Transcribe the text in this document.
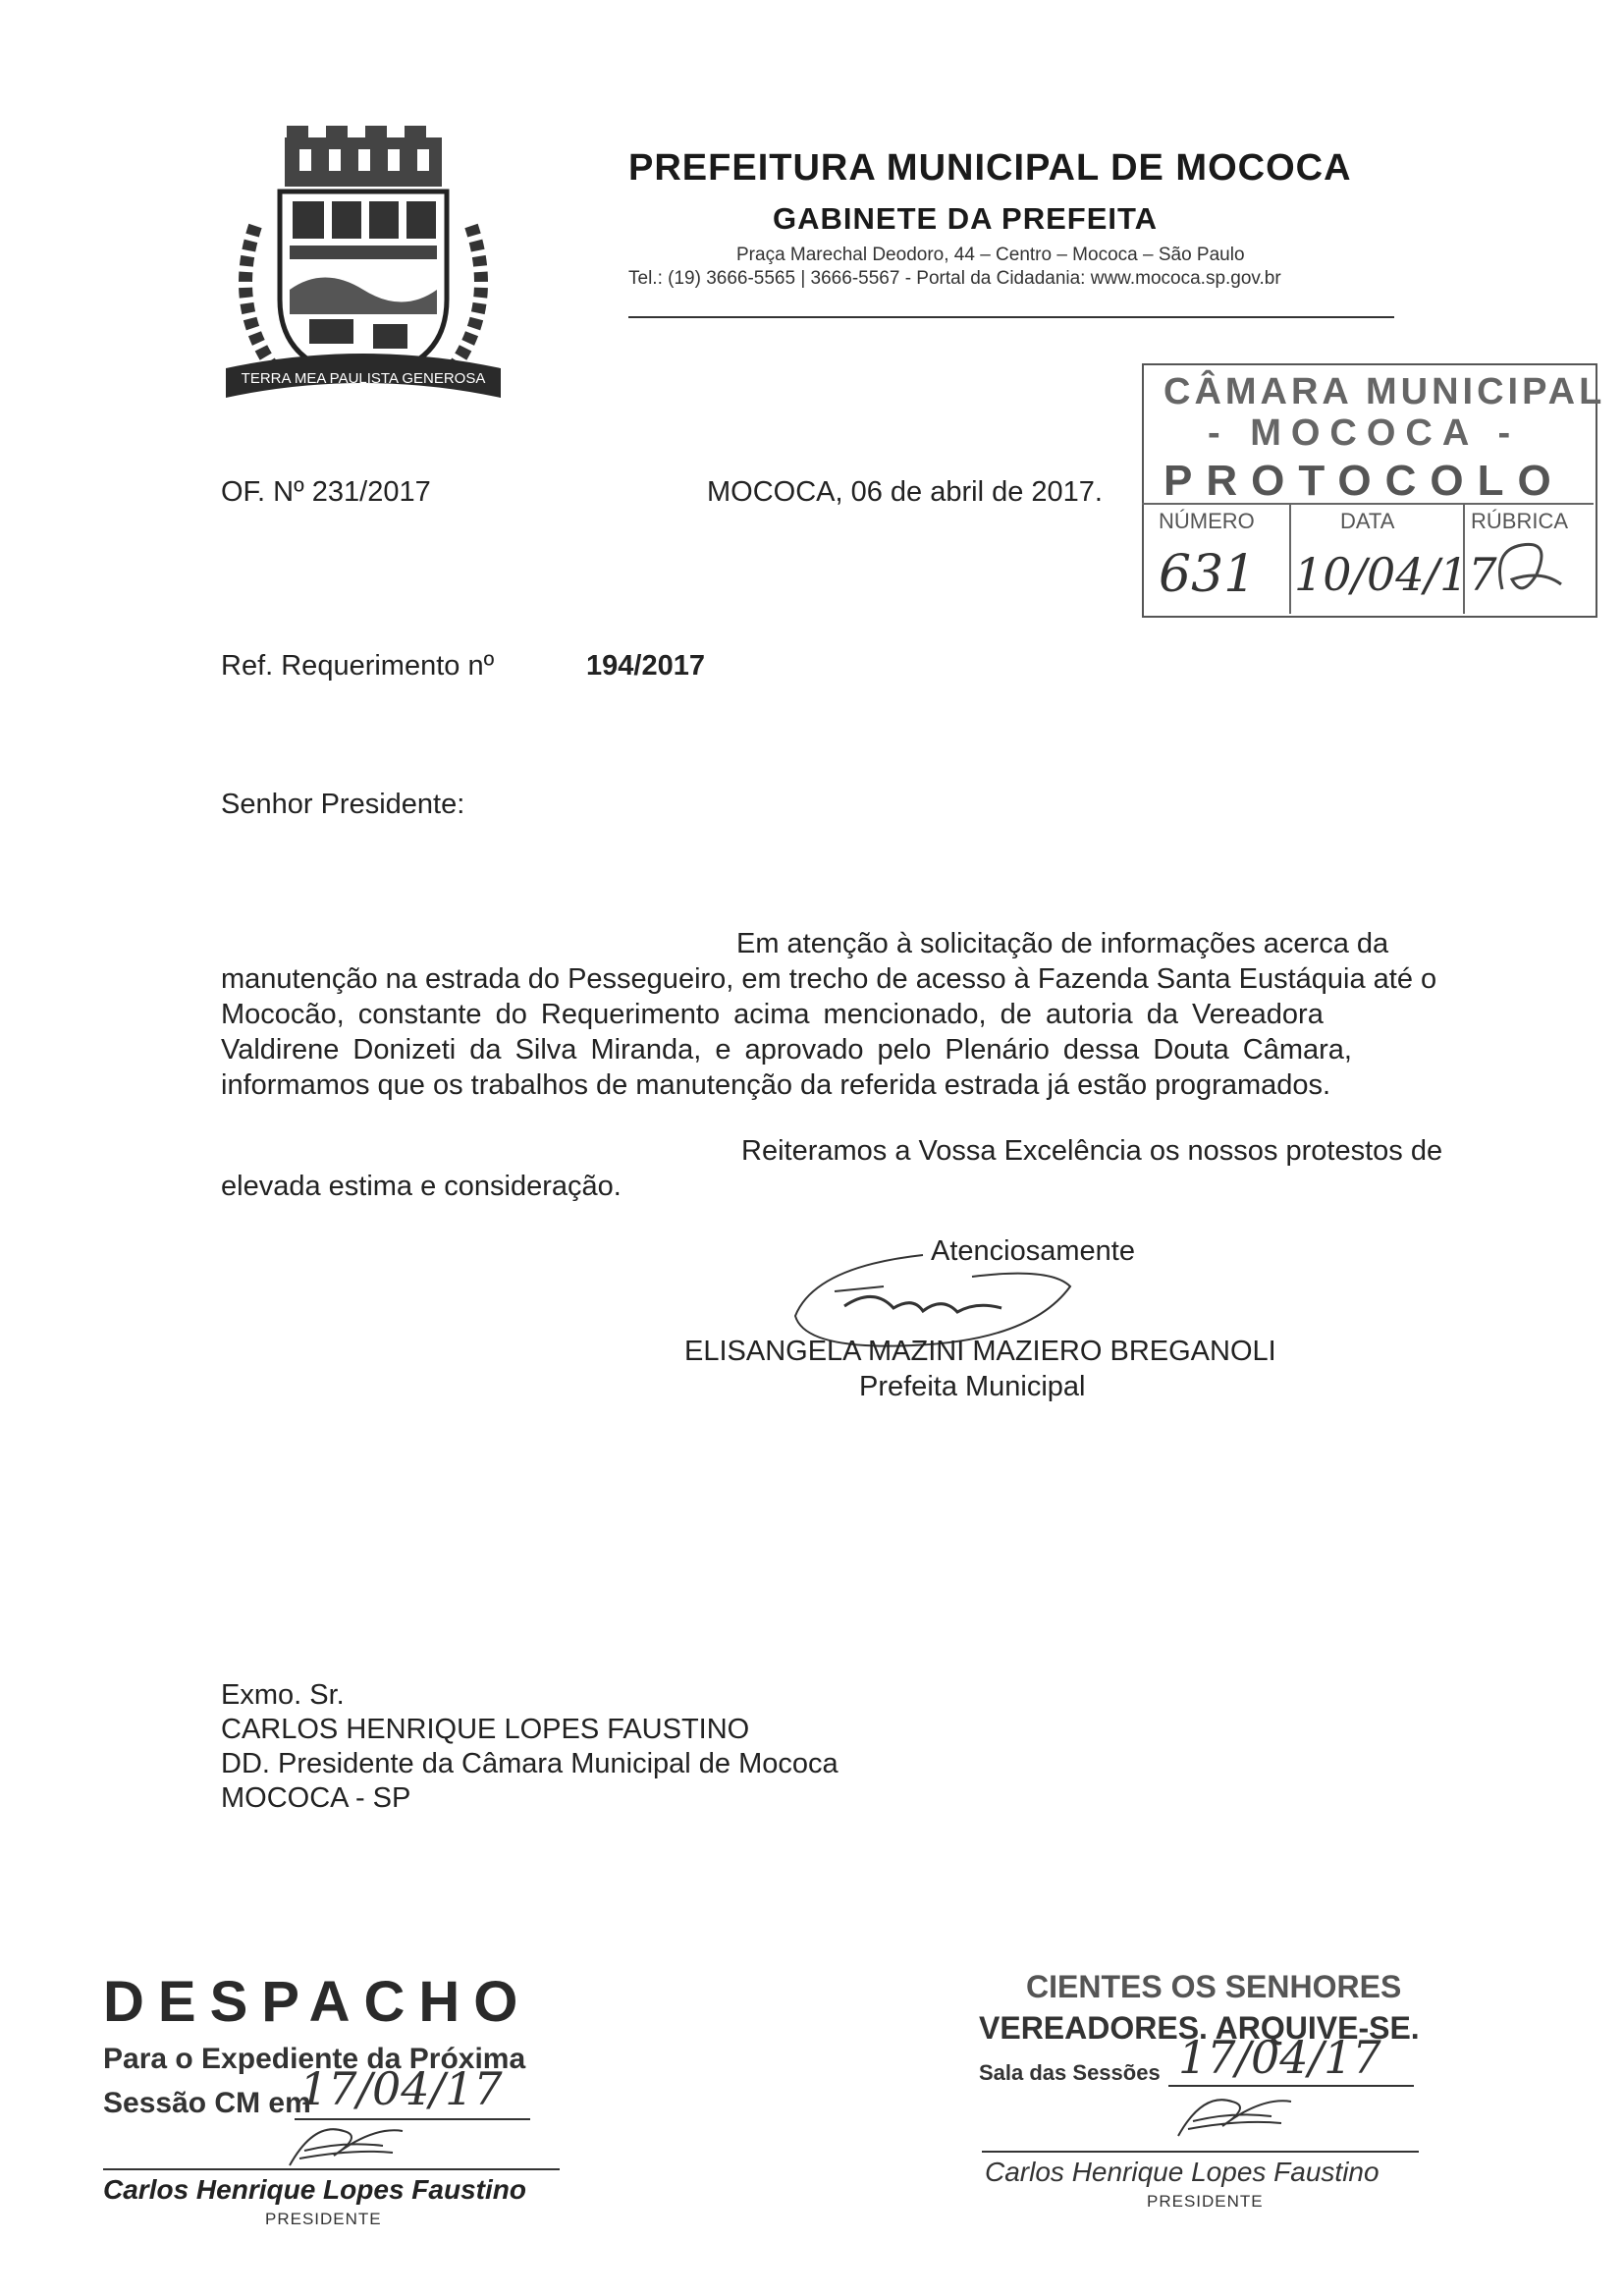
TERRA MEA PAULISTA GENEROSA
PREFEITURA MUNICIPAL DE MOCOCA
GABINETE DA PREFEITA
Praça Marechal Deodoro, 44 – Centro – Mococa – São Paulo
Tel.: (19) 3666-5565 | 3666-5567 - Portal da Cidadania: www.mococa.sp.gov.br
CÂMARA MUNICIPAL
- MOCOCA -
PROTOCOLO
NÚMERO	DATA	RÚBRICA
631 10/04/17
OF. Nº 231/2017	MOCOCA, 06 de abril de 2017.
Ref. Requerimento nº	194/2017
Senhor Presidente:
Em atenção à solicitação de informações acerca da
manutenção na estrada do Pessegueiro, em trecho de acesso à Fazenda Santa Eustáquia até o
Mococão, constante do Requerimento acima mencionado, de autoria da Vereadora
Valdirene Donizeti da Silva Miranda, e aprovado pelo Plenário dessa Douta Câmara,
informamos que os trabalhos de manutenção da referida estrada já estão programados.
Reiteramos a Vossa Excelência os nossos protestos de
elevada estima e consideração.
Atenciosamente
ELISANGELA MAZINI MAZIERO BREGANOLI
Prefeita Municipal
Exmo. Sr.
CARLOS HENRIQUE LOPES FAUSTINO
DD. Presidente da Câmara Municipal de Mococa
MOCOCA - SP
DESPACHO
Para o Expediente da Próxima
Sessão CM em
17/04/17
Carlos Henrique Lopes Faustino
PRESIDENTE
CIENTES OS SENHORES
VEREADORES. ARQUIVE-SE.
Sala das Sessões 17/04/17
Carlos Henrique Lopes Faustino
PRESIDENTE
